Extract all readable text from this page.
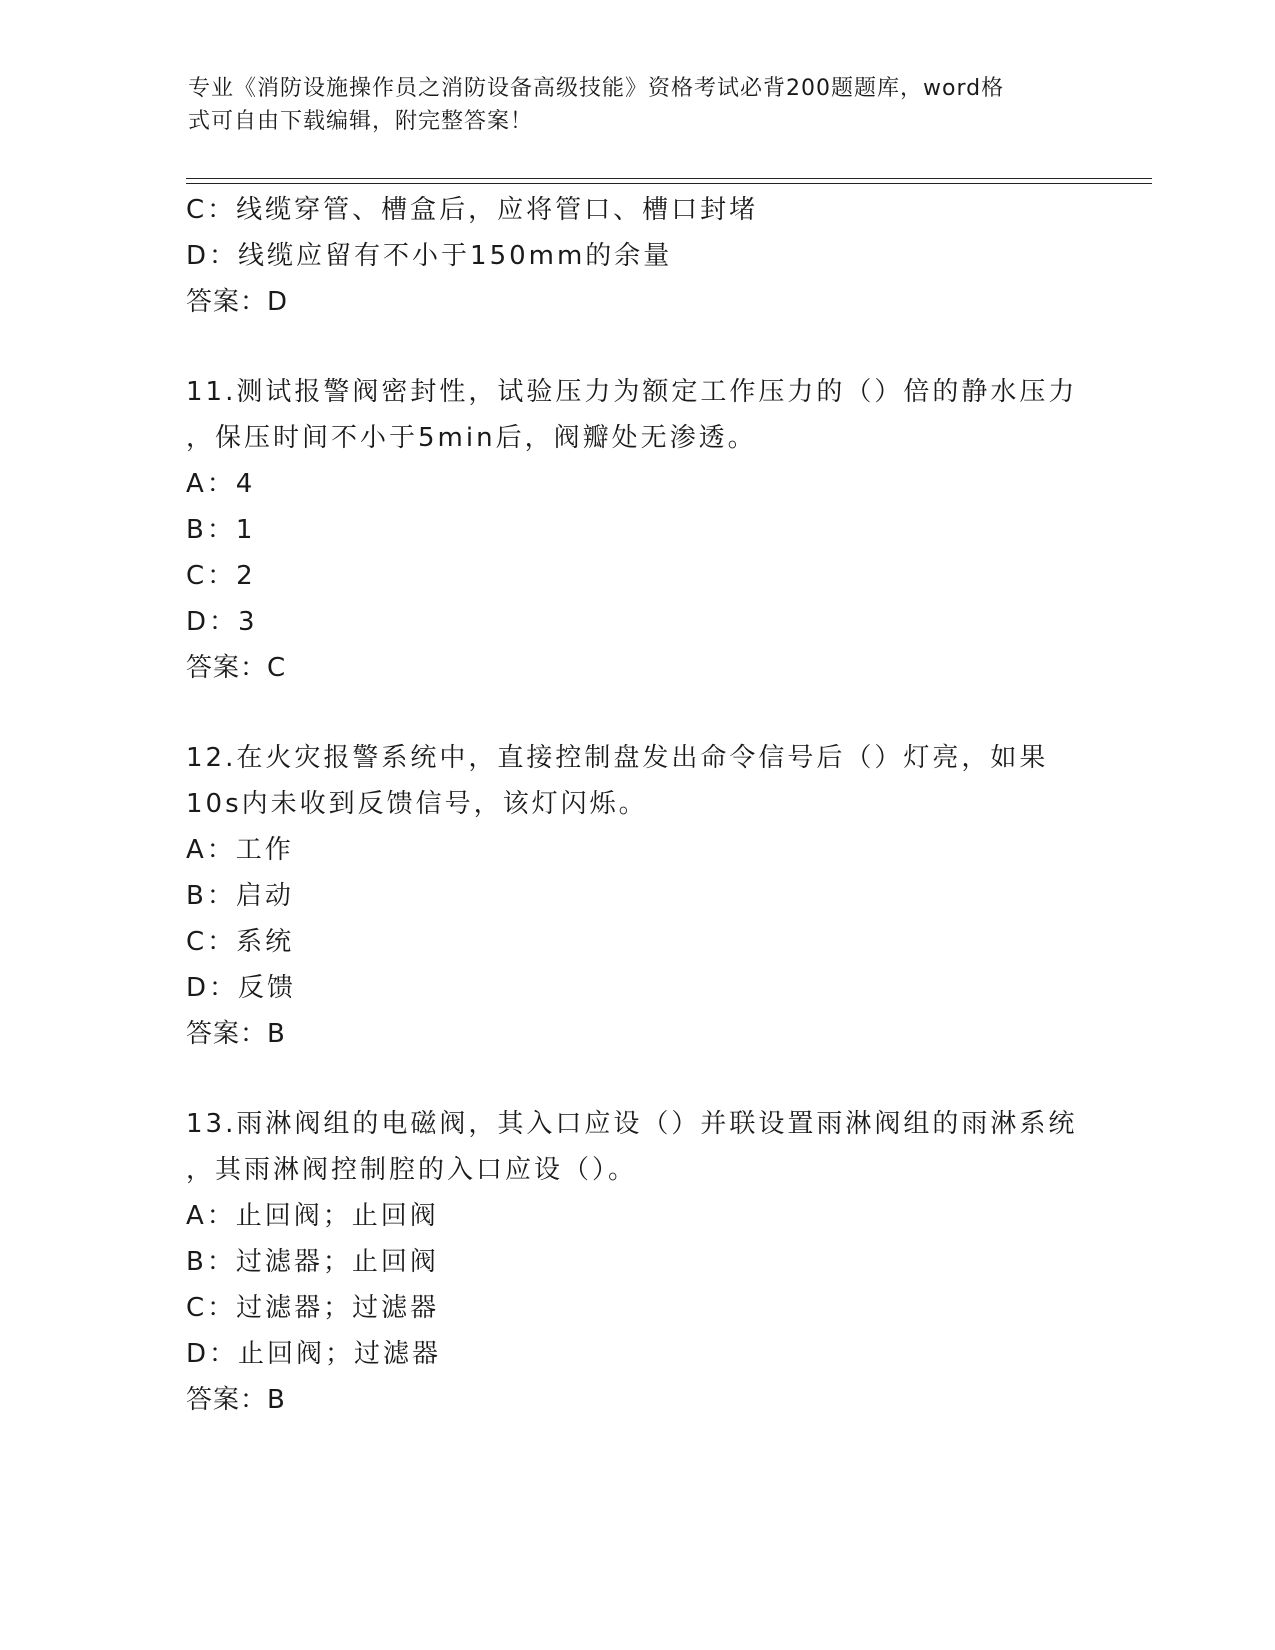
专业《消防设施操作员之消防设备高级技能》资格考试必背200题题库，word格
式可自由下载编辑，附完整答案！
C：线缆穿管、槽盒后，应将管口、槽口封堵
D：线缆应留有不小于150mm的余量
答案：D
11.测试报警阀密封性，试验压力为额定工作压力的（）倍的静水压力
，保压时间不小于5min后，阀瓣处无渗透。
A：4
B：1
C：2
D：3
答案：C
12.在火灾报警系统中，直接控制盘发出命令信号后（）灯亮，如果
10s内未收到反馈信号，该灯闪烁。
A：工作
B：启动
C：系统
D：反馈
答案：B
13.雨淋阀组的电磁阀，其入口应设（）并联设置雨淋阀组的雨淋系统
，其雨淋阀控制腔的入口应设（）。
A：止回阀；止回阀
B：过滤器；止回阀
C：过滤器；过滤器
D：止回阀；过滤器
答案：B
